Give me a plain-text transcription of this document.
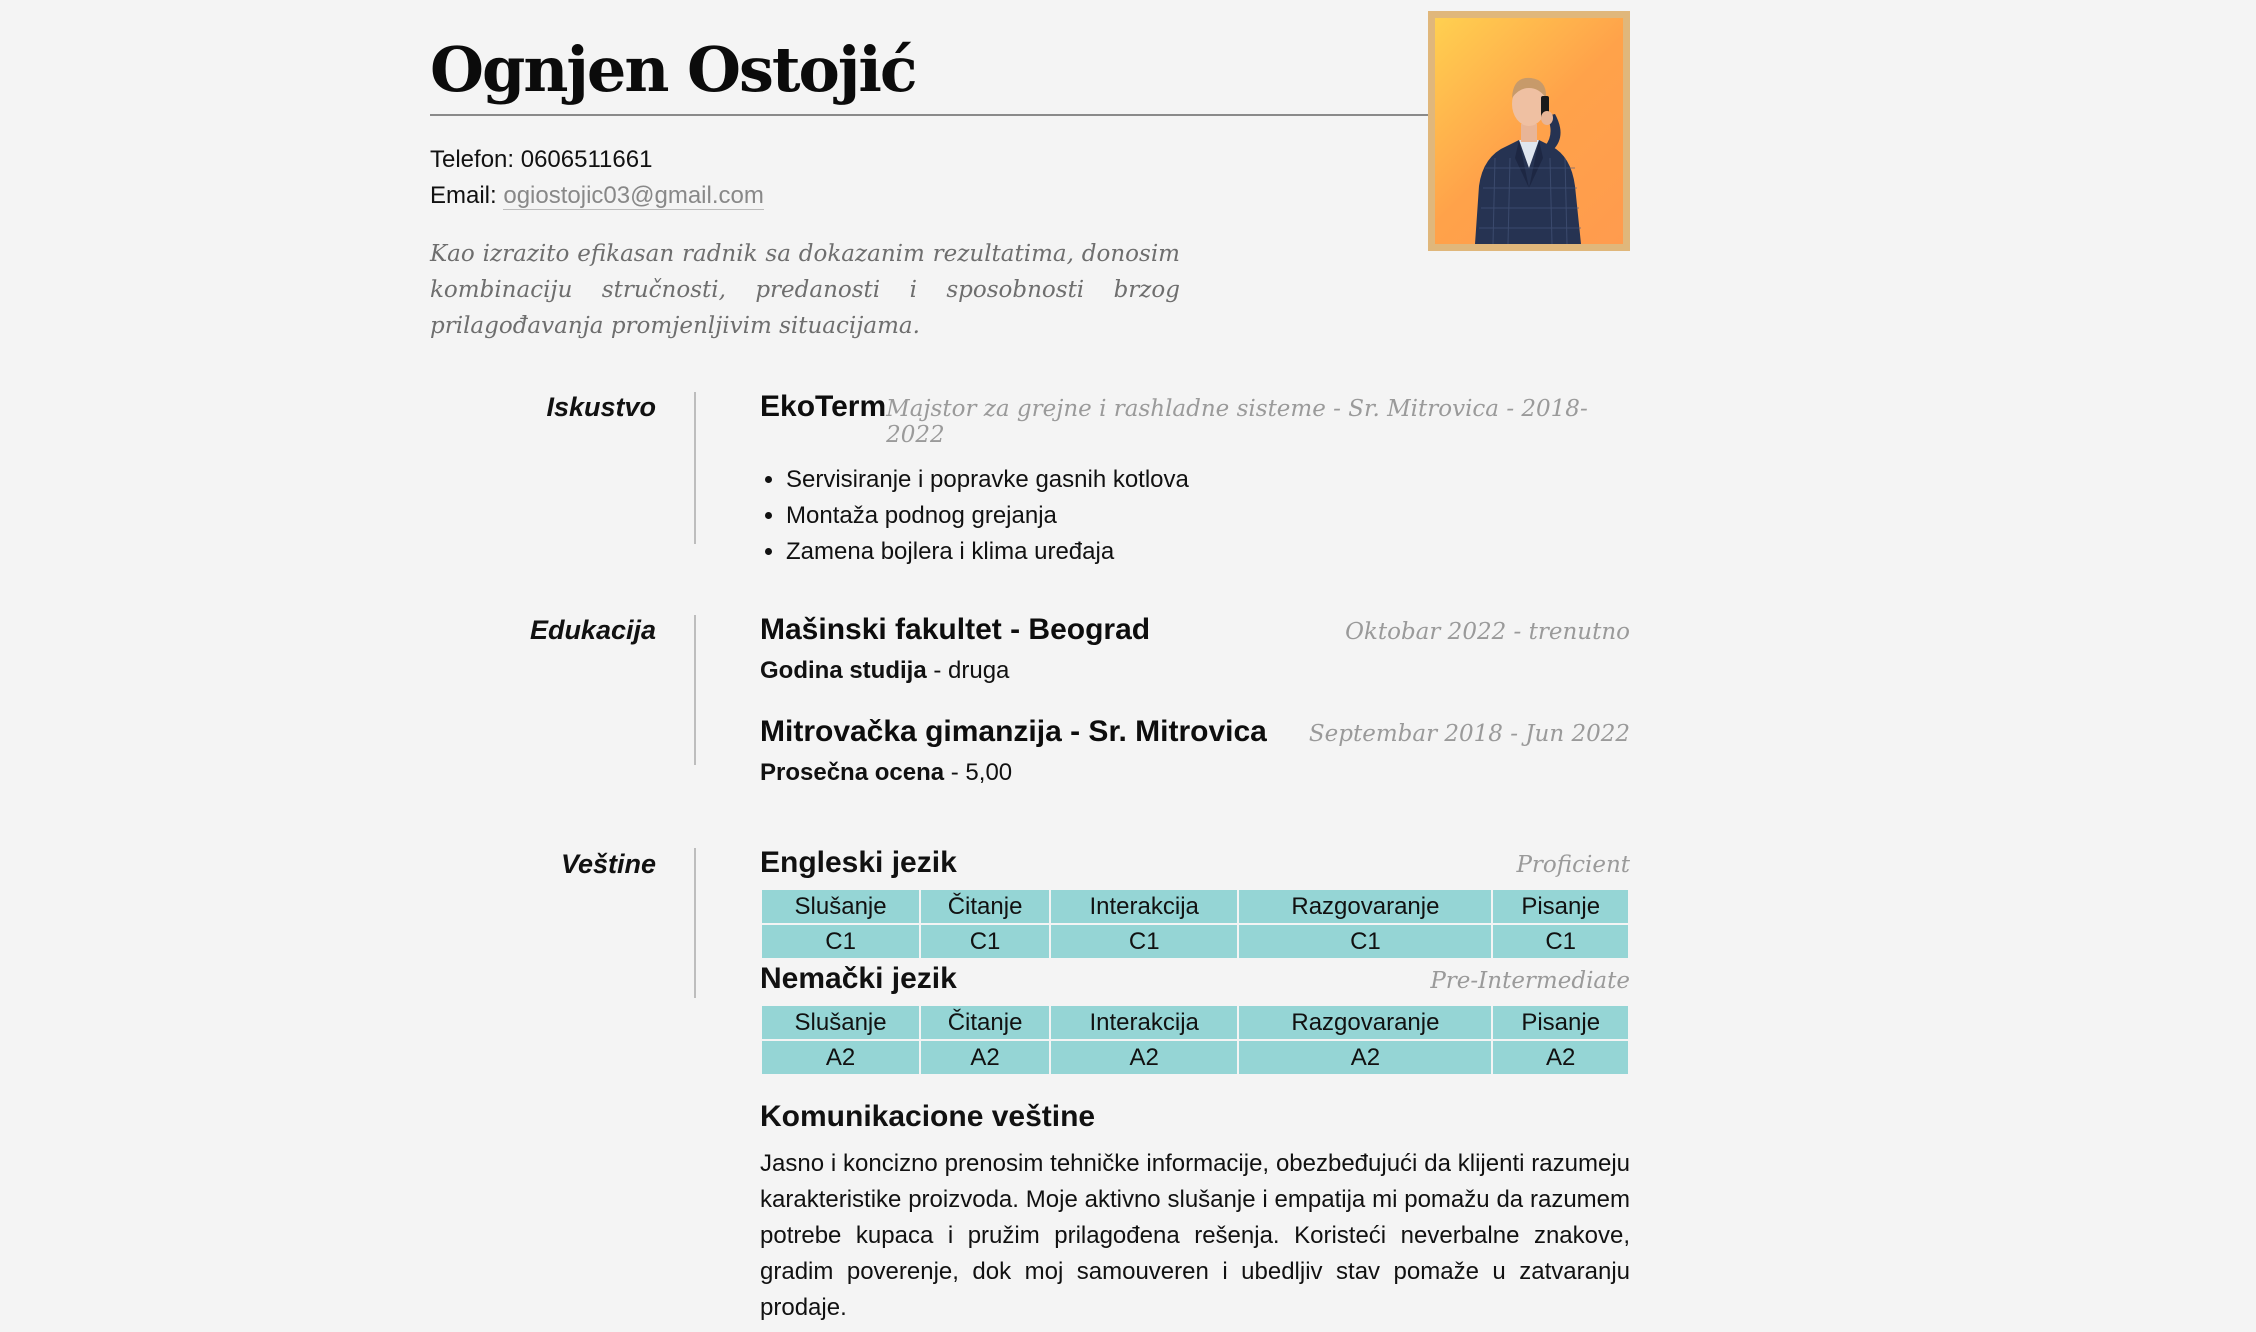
Ognjen Ostojić
Telefon: 0606511661
Email: ogiostojic03@gmail.com

Kao izrazito efikasan radnik sa dokazanim rezultatima, donosim kombinaciju stručnosti, predanosti i sposobnosti brzog prilagođavanja promjenljivim situacijama.

Iskustvo	EkoTerm Majstor za grejne i rashladne sisteme - Sr. Mitrovica - 2018-2022
• Servisiranje i popravke gasnih kotlova
• Montaža podnog grejanja
• Zamena bojlera i klima uređaja
Edukacija	Mašinski fakultet - Beograd	Oktobar 2022 - trenutno
Godina studija - druga
Mitrovačka gimanzija - Sr. Mitrovica Septembar 2018 - Jun 2022
Prosečna ocena - 5,00
Veštine	Engleski jezik	Proficient
Slušanje	Čitanje	Interakcija	Razgovaranje	Pisanje
C1	C1	C1	C1	C1
Nemački jezik	Pre-Intermediate
Slušanje	Čitanje	Interakcija	Razgovaranje	Pisanje
A2	A2	A2	A2	A2
Komunikacione veštine

Jasno i koncizno prenosim tehničke informacije, obezbeđujući da klijenti razumeju karakteristike proizvoda. Moje aktivno slušanje i empatija mi pomažu da razumem potrebe kupaca i pružim prilagođena rešenja. Koristeći neverbalne znakove, gradim poverenje, dok moj samouveren i ubedljiv stav pomaže u zatvaranju prodaje.
